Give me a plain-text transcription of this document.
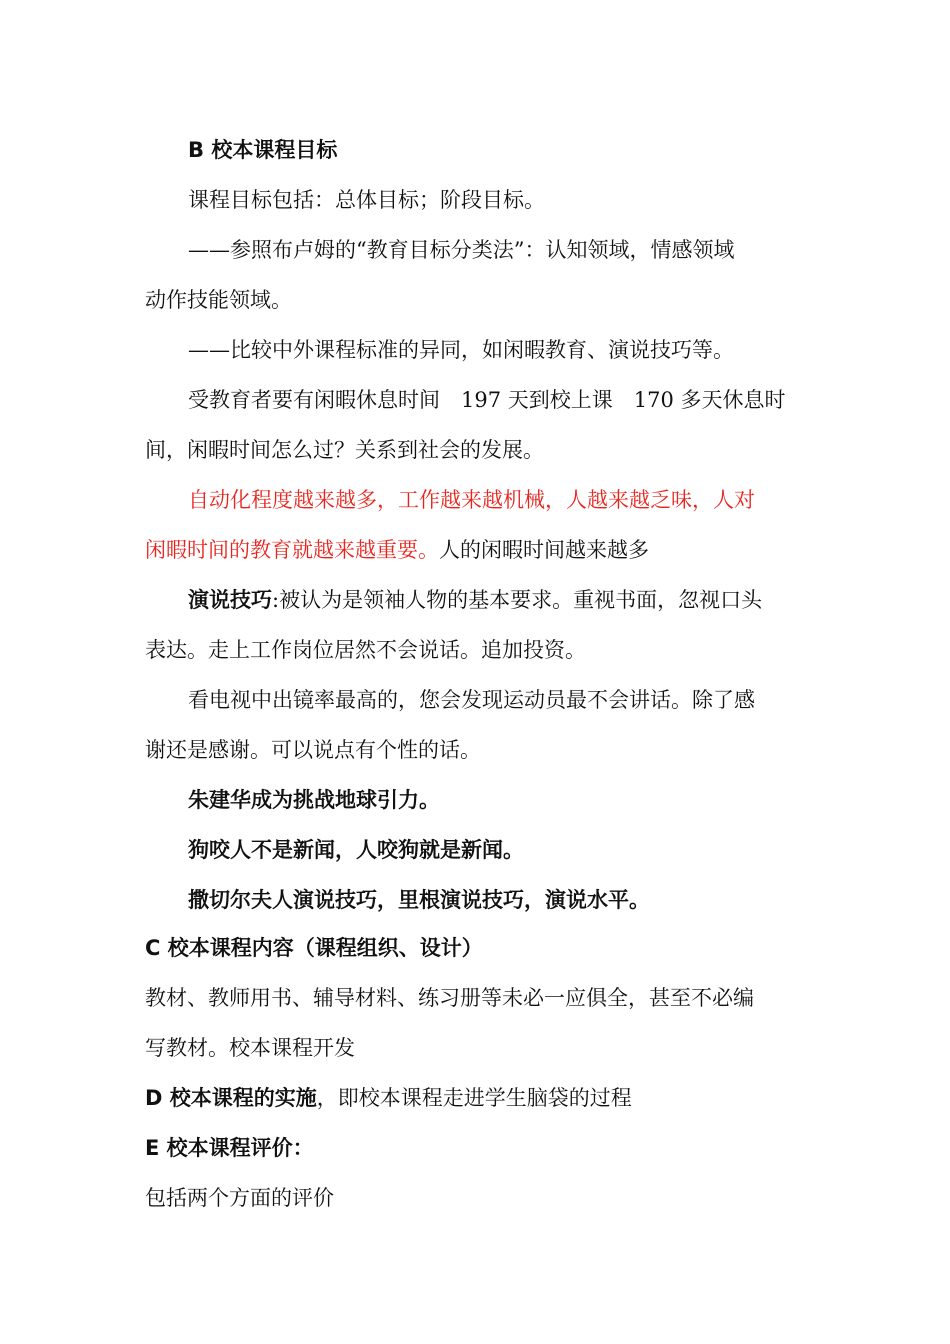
B 校本课程目标
课程目标包括：总体目标；阶段目标。
——参照布卢姆的“教育目标分类法”：认知领域，情感领域
动作技能领域。
——比较中外课程标准的异同，如闲暇教育、演说技巧等。
受教育者要有闲暇休息时间　197 天到校上课　170 多天休息时
间，闲暇时间怎么过？关系到社会的发展。
自动化程度越来越多，工作越来越机械，人越来越乏味，人对
闲暇时间的教育就越来越重要。人的闲暇时间越来越多
演说技巧:被认为是领袖人物的基本要求。重视书面，忽视口头
表达。走上工作岗位居然不会说话。追加投资。
看电视中出镜率最高的，您会发现运动员最不会讲话。除了感
谢还是感谢。可以说点有个性的话。
朱建华成为挑战地球引力。
狗咬人不是新闻，人咬狗就是新闻。
撒切尔夫人演说技巧，里根演说技巧，演说水平。
C 校本课程内容（课程组织、设计）
教材、教师用书、辅导材料、练习册等未必一应俱全，甚至不必编
写教材。校本课程开发
D 校本课程的实施，即校本课程走进学生脑袋的过程
E 校本课程评价：
包括两个方面的评价
